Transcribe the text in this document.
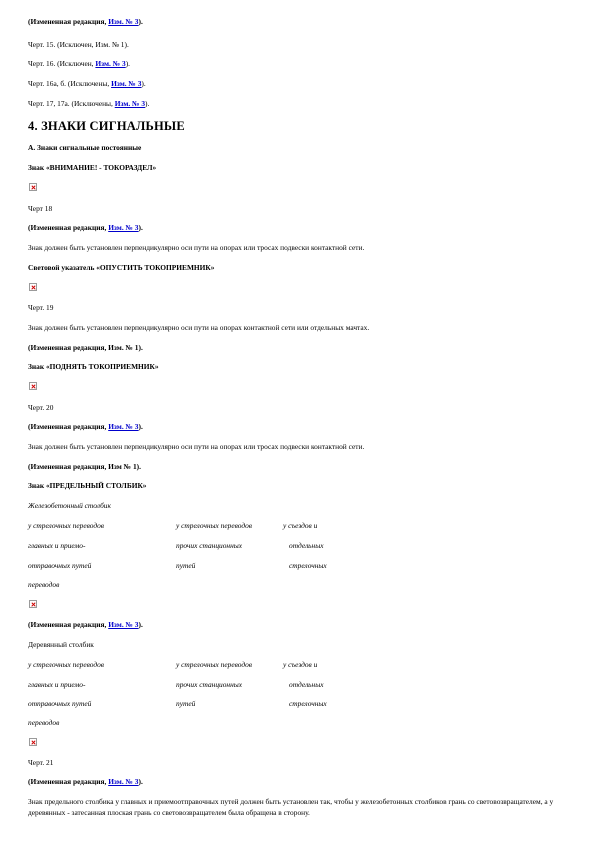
(Измененная редакция, Изм. № 3).
Черт. 15. (Исключен, Изм. № 1).
Черт. 16. (Исключен, Изм. № 3).
Черт. 16а, б. (Исключены, Изм. № 3).
Черт. 17, 17а. (Исключены, Изм. № 3).
4. ЗНАКИ СИГНАЛЬНЫЕ
А. Знаки сигнальные постоянные
Знак «ВНИМАНИЕ! - ТОКОРАЗДЕЛ»
Черт 18
(Измененная редакция, Изм. № 3).
Знак должен быть установлен перпендикулярно оси пути на опорах или тросах подвески контактной сети.
Световой указатель «ОПУСТИТЬ ТОКОПРИЕМНИК»
Черт. 19
Знак должен быть установлен перпендикулярно оси пути на опорах контактной сети или отдельных мачтах.
(Измененная редакция, Изм. № 1).
Знак «ПОДНЯТЬ ТОКОПРИЕМНИК»
Черт. 20
(Измененная редакция, Изм. № 3).
Знак должен быть установлен перпендикулярно оси пути на опорах или тросах подвески контактной сети.
(Измененная редакция, Изм № 1).
Знак «ПРЕДЕЛЬНЫЙ СТОЛБИК»
Железобетонный столбик
у стрелочных переводов	у стрелочных переводов	у съездов и
главных и приемо-	прочих станционных	отдельных
отправочных путей	путей	стрелочных
переводов
(Измененная редакция, Изм. № 3).
Деревянный столбик
у стрелочных переводов	у стрелочных переводов	у съездов и
главных и приемо-	прочих станционных	отдельных
отправочных путей	путей	стрелочных
переводов
Черт. 21
(Измененная редакция, Изм. № 3).
Знак предельного столбика у главных и приемоотправочных путей должен быть установлен так, чтобы у железобетонных столбиков грань со световозвращателем, а у деревянных - затесанная плоская грань со световозвращателем была обращена в сторону.
